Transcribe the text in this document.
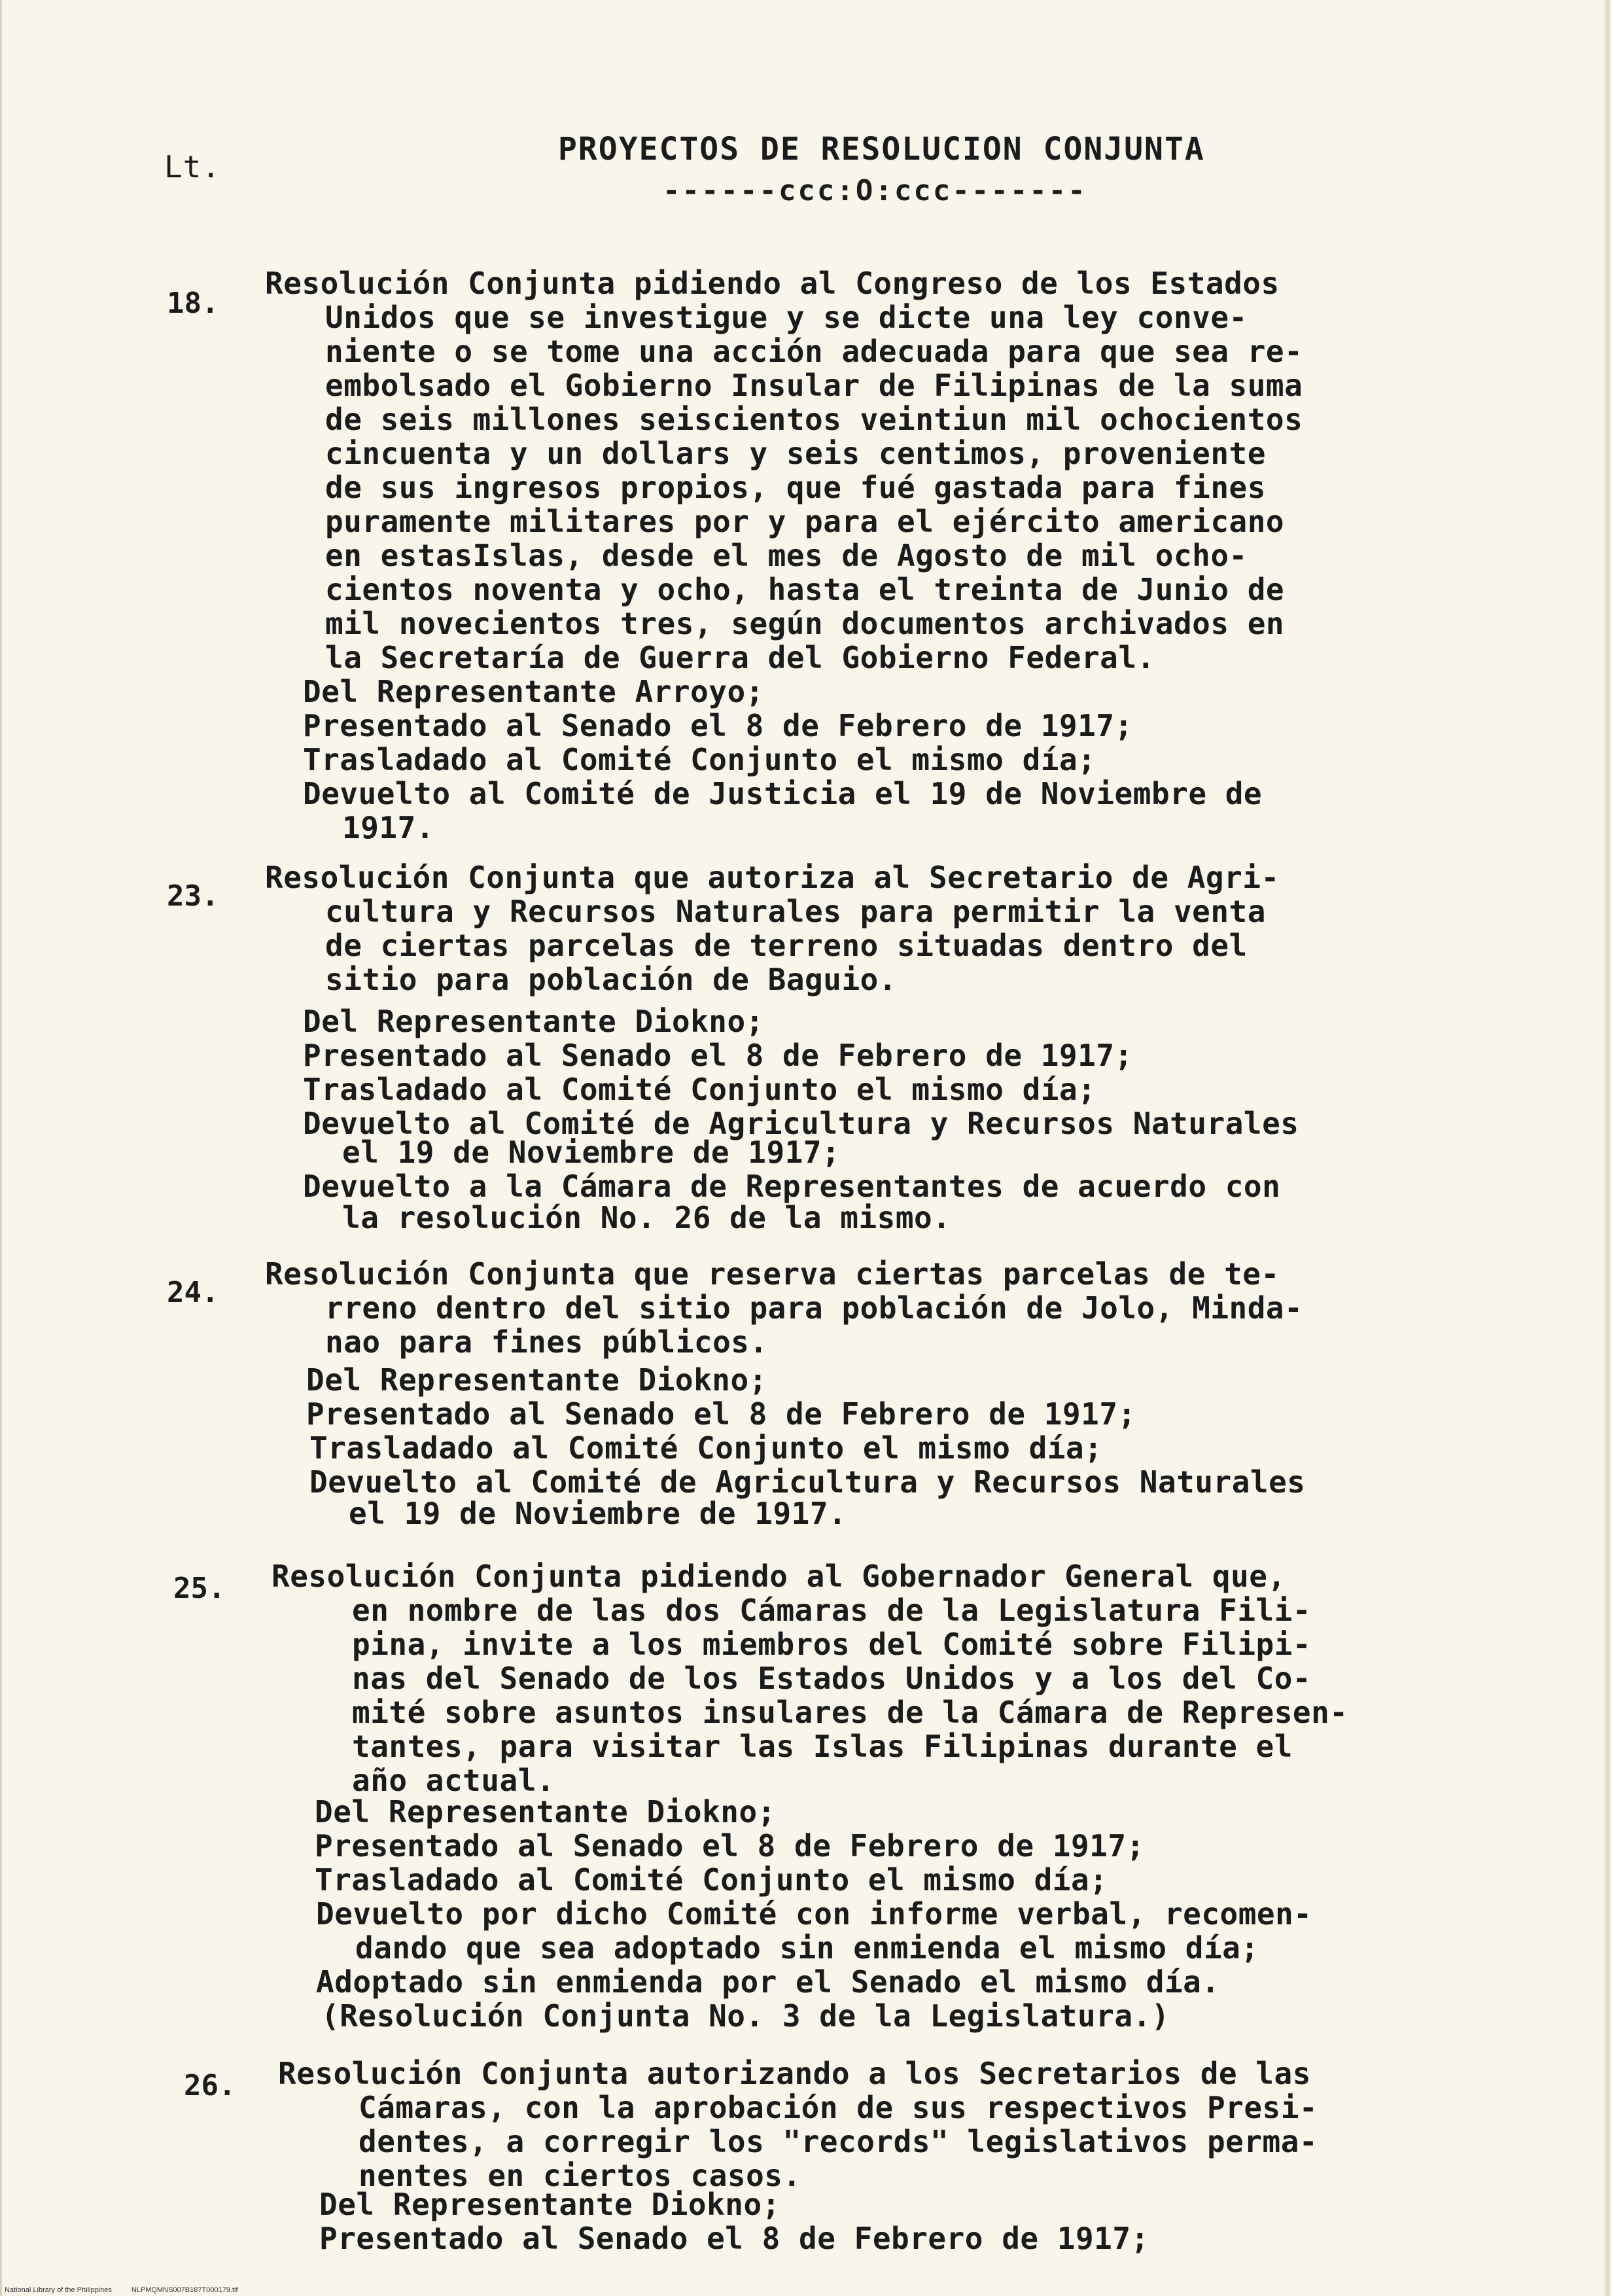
Lt.	PROYECTOS DE RESOLUCION CONJUNTA
------ccc:O:ccc-------
18.
Resolución Conjunta pidiendo al Congreso de los Estados
Unidos que se investigue y se dicte una ley conve-
niente o se tome una acción adecuada para que sea re-
embolsado el Gobierno Insular de Filipinas de la suma
de seis millones seiscientos veintiun mil ochocientos
cincuenta y un dollars y seis centimos, proveniente
de sus ingresos propios, que fué gastada para fines
puramente militares por y para el ejército americano
en estasIslas, desde el mes de Agosto de mil ocho-
cientos noventa y ocho, hasta el treinta de Junio de
mil novecientos tres, según documentos archivados en
la Secretaría de Guerra del Gobierno Federal.
Del Representante Arroyo;
Presentado al Senado el 8 de Febrero de 1917;
Trasladado al Comité Conjunto el mismo día;
Devuelto al Comité de Justicia el 19 de Noviembre de
1917.
23.
Resolución Conjunta que autoriza al Secretario de Agri-
cultura y Recursos Naturales para permitir la venta
de ciertas parcelas de terreno situadas dentro del
sitio para población de Baguio.
Del Representante Diokno;
Presentado al Senado el 8 de Febrero de 1917;
Trasladado al Comité Conjunto el mismo día;
Devuelto al Comité de Agricultura y Recursos Naturales
el 19 de Noviembre de 1917;
Devuelto a la Cámara de Representantes de acuerdo con
la resolución No. 26 de la mismo.
24.
Resolución Conjunta que reserva ciertas parcelas de te-
rreno dentro del sitio para población de Jolo, Minda-
nao para fines públicos.
Del Representante Diokno;
Presentado al Senado el 8 de Febrero de 1917;
Trasladado al Comité Conjunto el mismo día;
Devuelto al Comité de Agricultura y Recursos Naturales
el 19 de Noviembre de 1917.
25. Resolución Conjunta pidiendo al Gobernador General que,
en nombre de las dos Cámaras de la Legislatura Fili-
pina, invite a los miembros del Comité sobre Filipi-
nas del Senado de los Estados Unidos y a los del Co-
mité sobre asuntos insulares de la Cámara de Represen-
tantes, para visitar las Islas Filipinas durante el
año actual.
Del Representante Diokno;
Presentado al Senado el 8 de Febrero de 1917;
Trasladado al Comité Conjunto el mismo día;
Devuelto por dicho Comité con informe verbal, recomen-
dando que sea adoptado sin enmienda el mismo día;
Adoptado sin enmienda por el Senado el mismo día.
(Resolución Conjunta No. 3 de la Legislatura.)
26. Resolución Conjunta autorizando a los Secretarios de las
Cámaras, con la aprobación de sus respectivos Presi-
dentes, a corregir los "records" legislativos perma-
nentes en ciertos casos.
Del Representante Diokno;
Presentado al Senado el 8 de Febrero de 1917;
National Library of the Philippines	NLPMQMNS007B187T000179.tif
